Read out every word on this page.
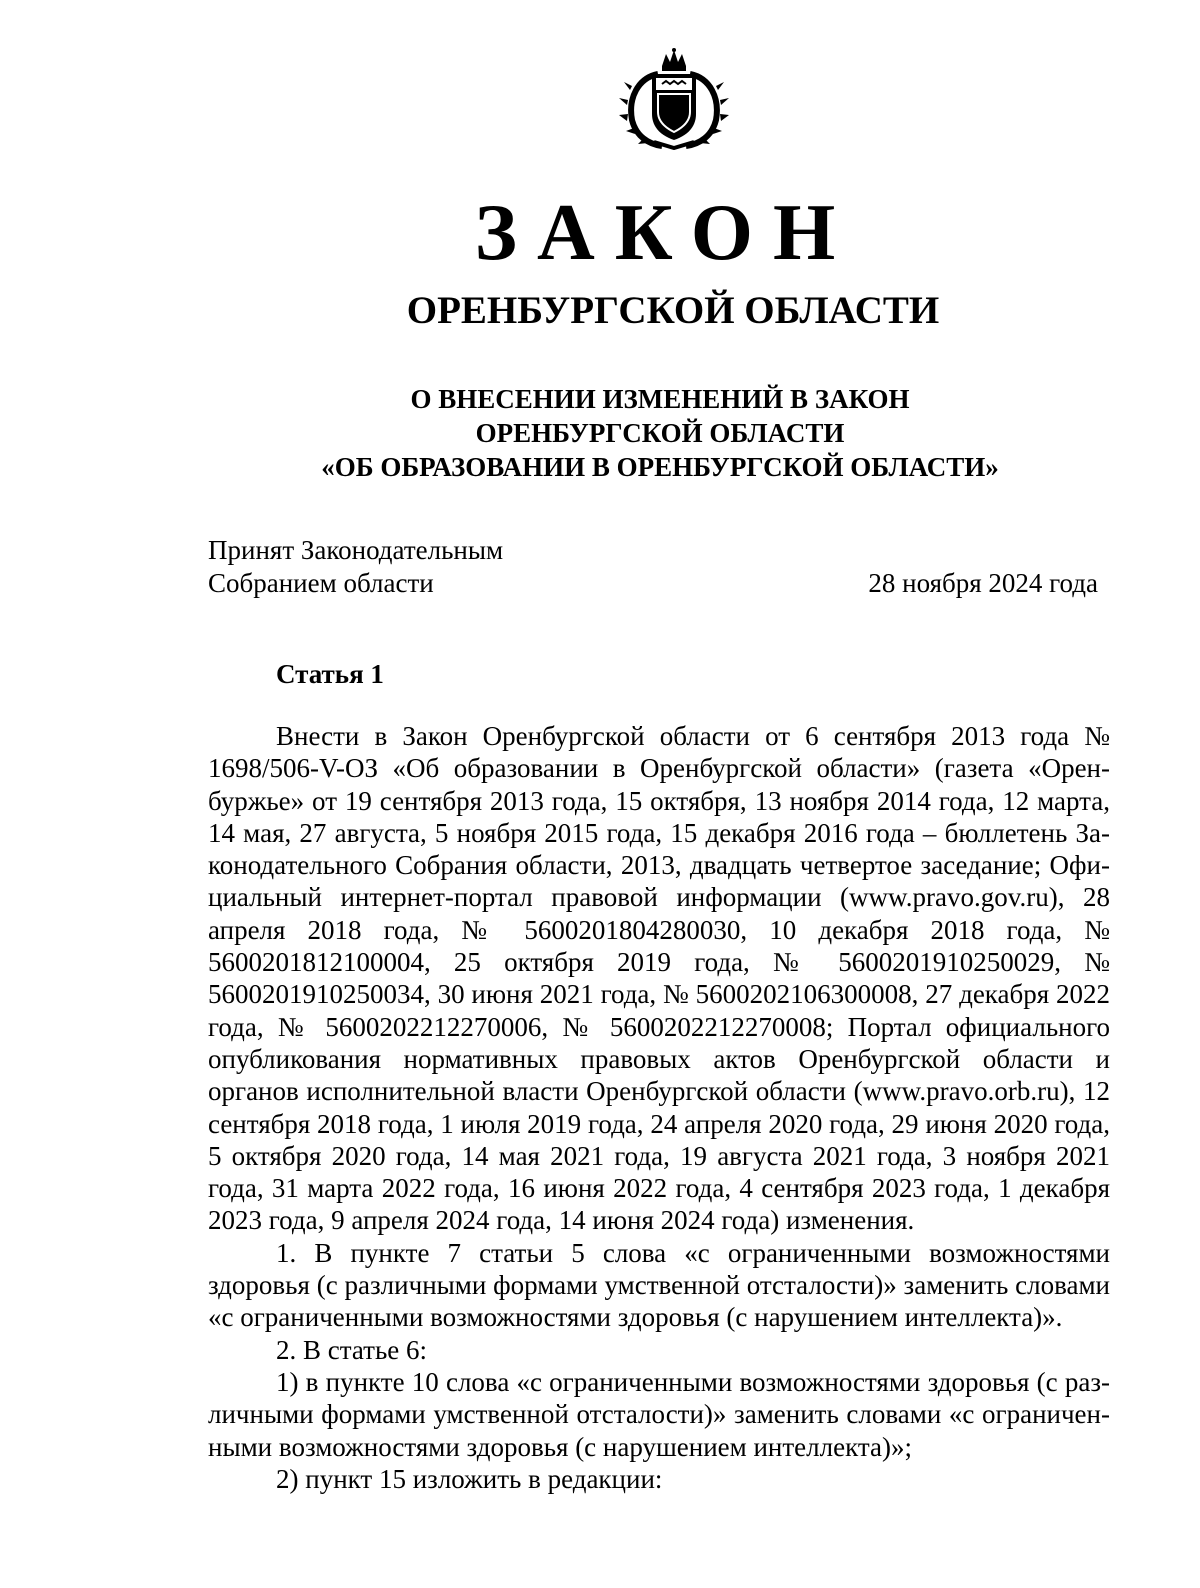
ЗАКОН
ОРЕНБУРГСКОЙ ОБЛАСТИ
О ВНЕСЕНИИ ИЗМЕНЕНИЙ В ЗАКОН
ОРЕНБУРГСКОЙ ОБЛАСТИ
«ОБ ОБРАЗОВАНИИ В ОРЕНБУРГСКОЙ ОБЛАСТИ»
Принят Законодательным
Собранием области	28 ноября 2024 года
Статья 1

Внести в Закон Оренбургской области от 6 сентября 2013 года № 1698/506-V-ОЗ «Об образовании в Оренбургской области» (газета «Оренбуржье» от 19 сентября 2013 года, 15 октября, 13 ноября 2014 года, 12 марта, 14 мая, 27 августа, 5 ноября 2015 года, 15 декабря 2016 года – бюллетень Законодательного Собрания области, 2013, двадцать четвертое заседание; Официальный интернет-портал правовой информации (www.pravo.gov.ru), 28 апреля 2018 года, № 5600201804280030, 10 декабря 2018 года, № 5600201812100004, 25 октября 2019 года, № 5600201910250029, № 5600201910250034, 30 июня 2021 года, № 5600202106300008, 27 декабря 2022 года, № 5600202212270006, № 5600202212270008; Портал официального опубликования нормативных правовых актов Оренбургской области и органов исполнительной власти Оренбургской области (www.pravo.orb.ru), 12 сентября 2018 года, 1 июля 2019 года, 24 апреля 2020 года, 29 июня 2020 года, 5 октября 2020 года, 14 мая 2021 года, 19 августа 2021 года, 3 ноября 2021 года, 31 марта 2022 года, 16 июня 2022 года, 4 сентября 2023 года, 1 декабря 2023 года, 9 апреля 2024 года, 14 июня 2024 года) изменения.

1. В пункте 7 статьи 5 слова «с ограниченными возможностями здоровья (с различными формами умственной отсталости)» заменить словами «с ограниченными возможностями здоровья (с нарушением интеллекта)».

2. В статье 6:

1) в пункте 10 слова «с ограниченными возможностями здоровья (с различными формами умственной отсталости)» заменить словами «с ограниченными возможностями здоровья (с нарушением интеллекта)»;

2) пункт 15 изложить в редакции:
